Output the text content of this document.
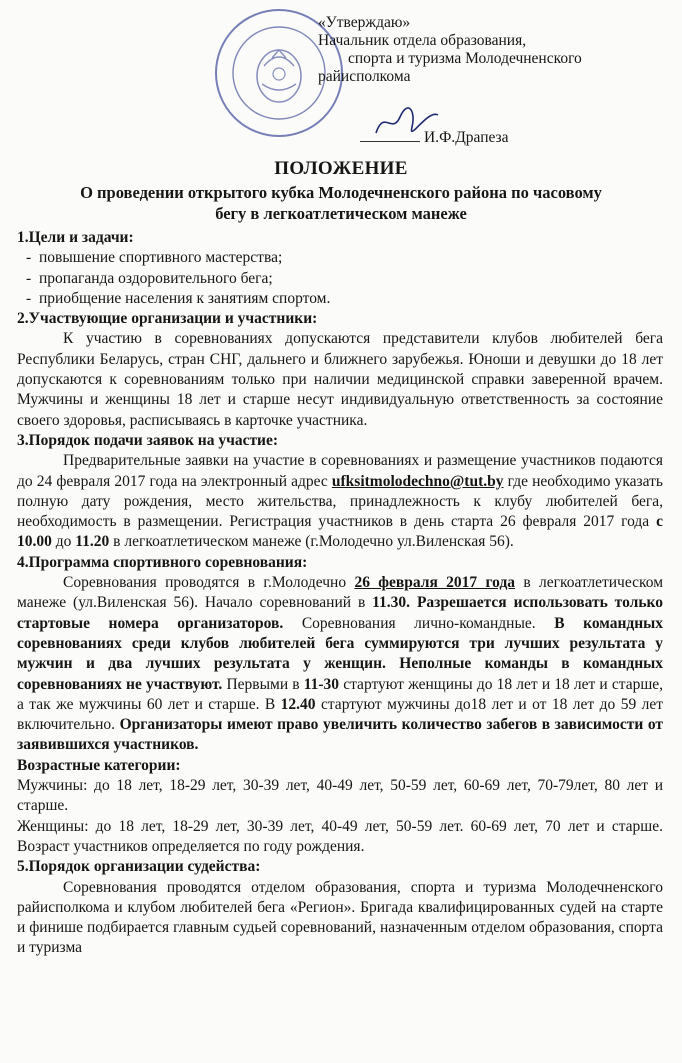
«Утверждаю»
Начальник отдела образования,
спорта и туризма Молодечненского
райисполкома
И.Ф.Драпеза
ПОЛОЖЕНИЕ
О проведении открытого кубка Молодечненского района по часовому
бегу в легкоатлетическом манеже
1.Цели и задачи:
- повышение спортивного мастерства;
- пропаганда оздоровительного бега;
- приобщение населения к занятиям спортом.
2.Участвующие организации и участники:

К участию в соревнованиях допускаются представители клубов любителей бега Республики Беларусь, стран СНГ, дальнего и ближнего зарубежья. Юноши и девушки до 18 лет допускаются к соревнованиям только при наличии медицинской справки заверенной врачем. Мужчины и женщины 18 лет и старше несут индивидуальную ответственность за состояние своего здоровья, расписываясь в карточке участника.

3.Порядок подачи заявок на участие:

Предварительные заявки на участие в соревнованиях и размещение участников подаются до 24 февраля 2017 года на электронный адрес ufksitmolodechno@tut.by где необходимо указать полную дату рождения, место жительства, принадлежность к клубу любителей бега, необходимость в размещении. Регистрация участников в день старта 26 февраля 2017 года с 10.00 до 11.20 в легкоатлетическом манеже (г.Молодечно ул.Виленская 56).

4.Программа спортивного соревнования:

Соревнования проводятся в г.Молодечно 26 февраля 2017 года в легкоатлетическом манеже (ул.Виленская 56). Начало соревнований в 11.30. Разрешается использовать только стартовые номера организаторов. Соревнования лично-командные. В командных соревнованиях среди клубов любителей бега суммируются три лучших результата у мужчин и два лучших результата у женщин. Неполные команды в командных соревнованиях не участвуют. Первыми в 11-30 стартуют женщины до 18 лет и 18 лет и старше, а так же мужчины 60 лет и старше. В 12.40 стартуют мужчины до18 лет и от 18 лет до 59 лет включительно. Организаторы имеют право увеличить количество забегов в зависимости от заявившихся участников.

Возрастные категории:

Мужчины: до 18 лет, 18-29 лет, 30-39 лет, 40-49 лет, 50-59 лет, 60-69 лет, 70-79лет, 80 лет и старше.

Женщины: до 18 лет, 18-29 лет, 30-39 лет, 40-49 лет, 50-59 лет. 60-69 лет, 70 лет и старше. Возраст участников определяется по году рождения.

5.Порядок организации судейства:

Соревнования проводятся отделом образования, спорта и туризма Молодечненского райисполкома и клубом любителей бега «Регион». Бригада квалифицированных судей на старте и финише подбирается главным судьей соревнований, назначенным отделом образования, спорта и туризма
